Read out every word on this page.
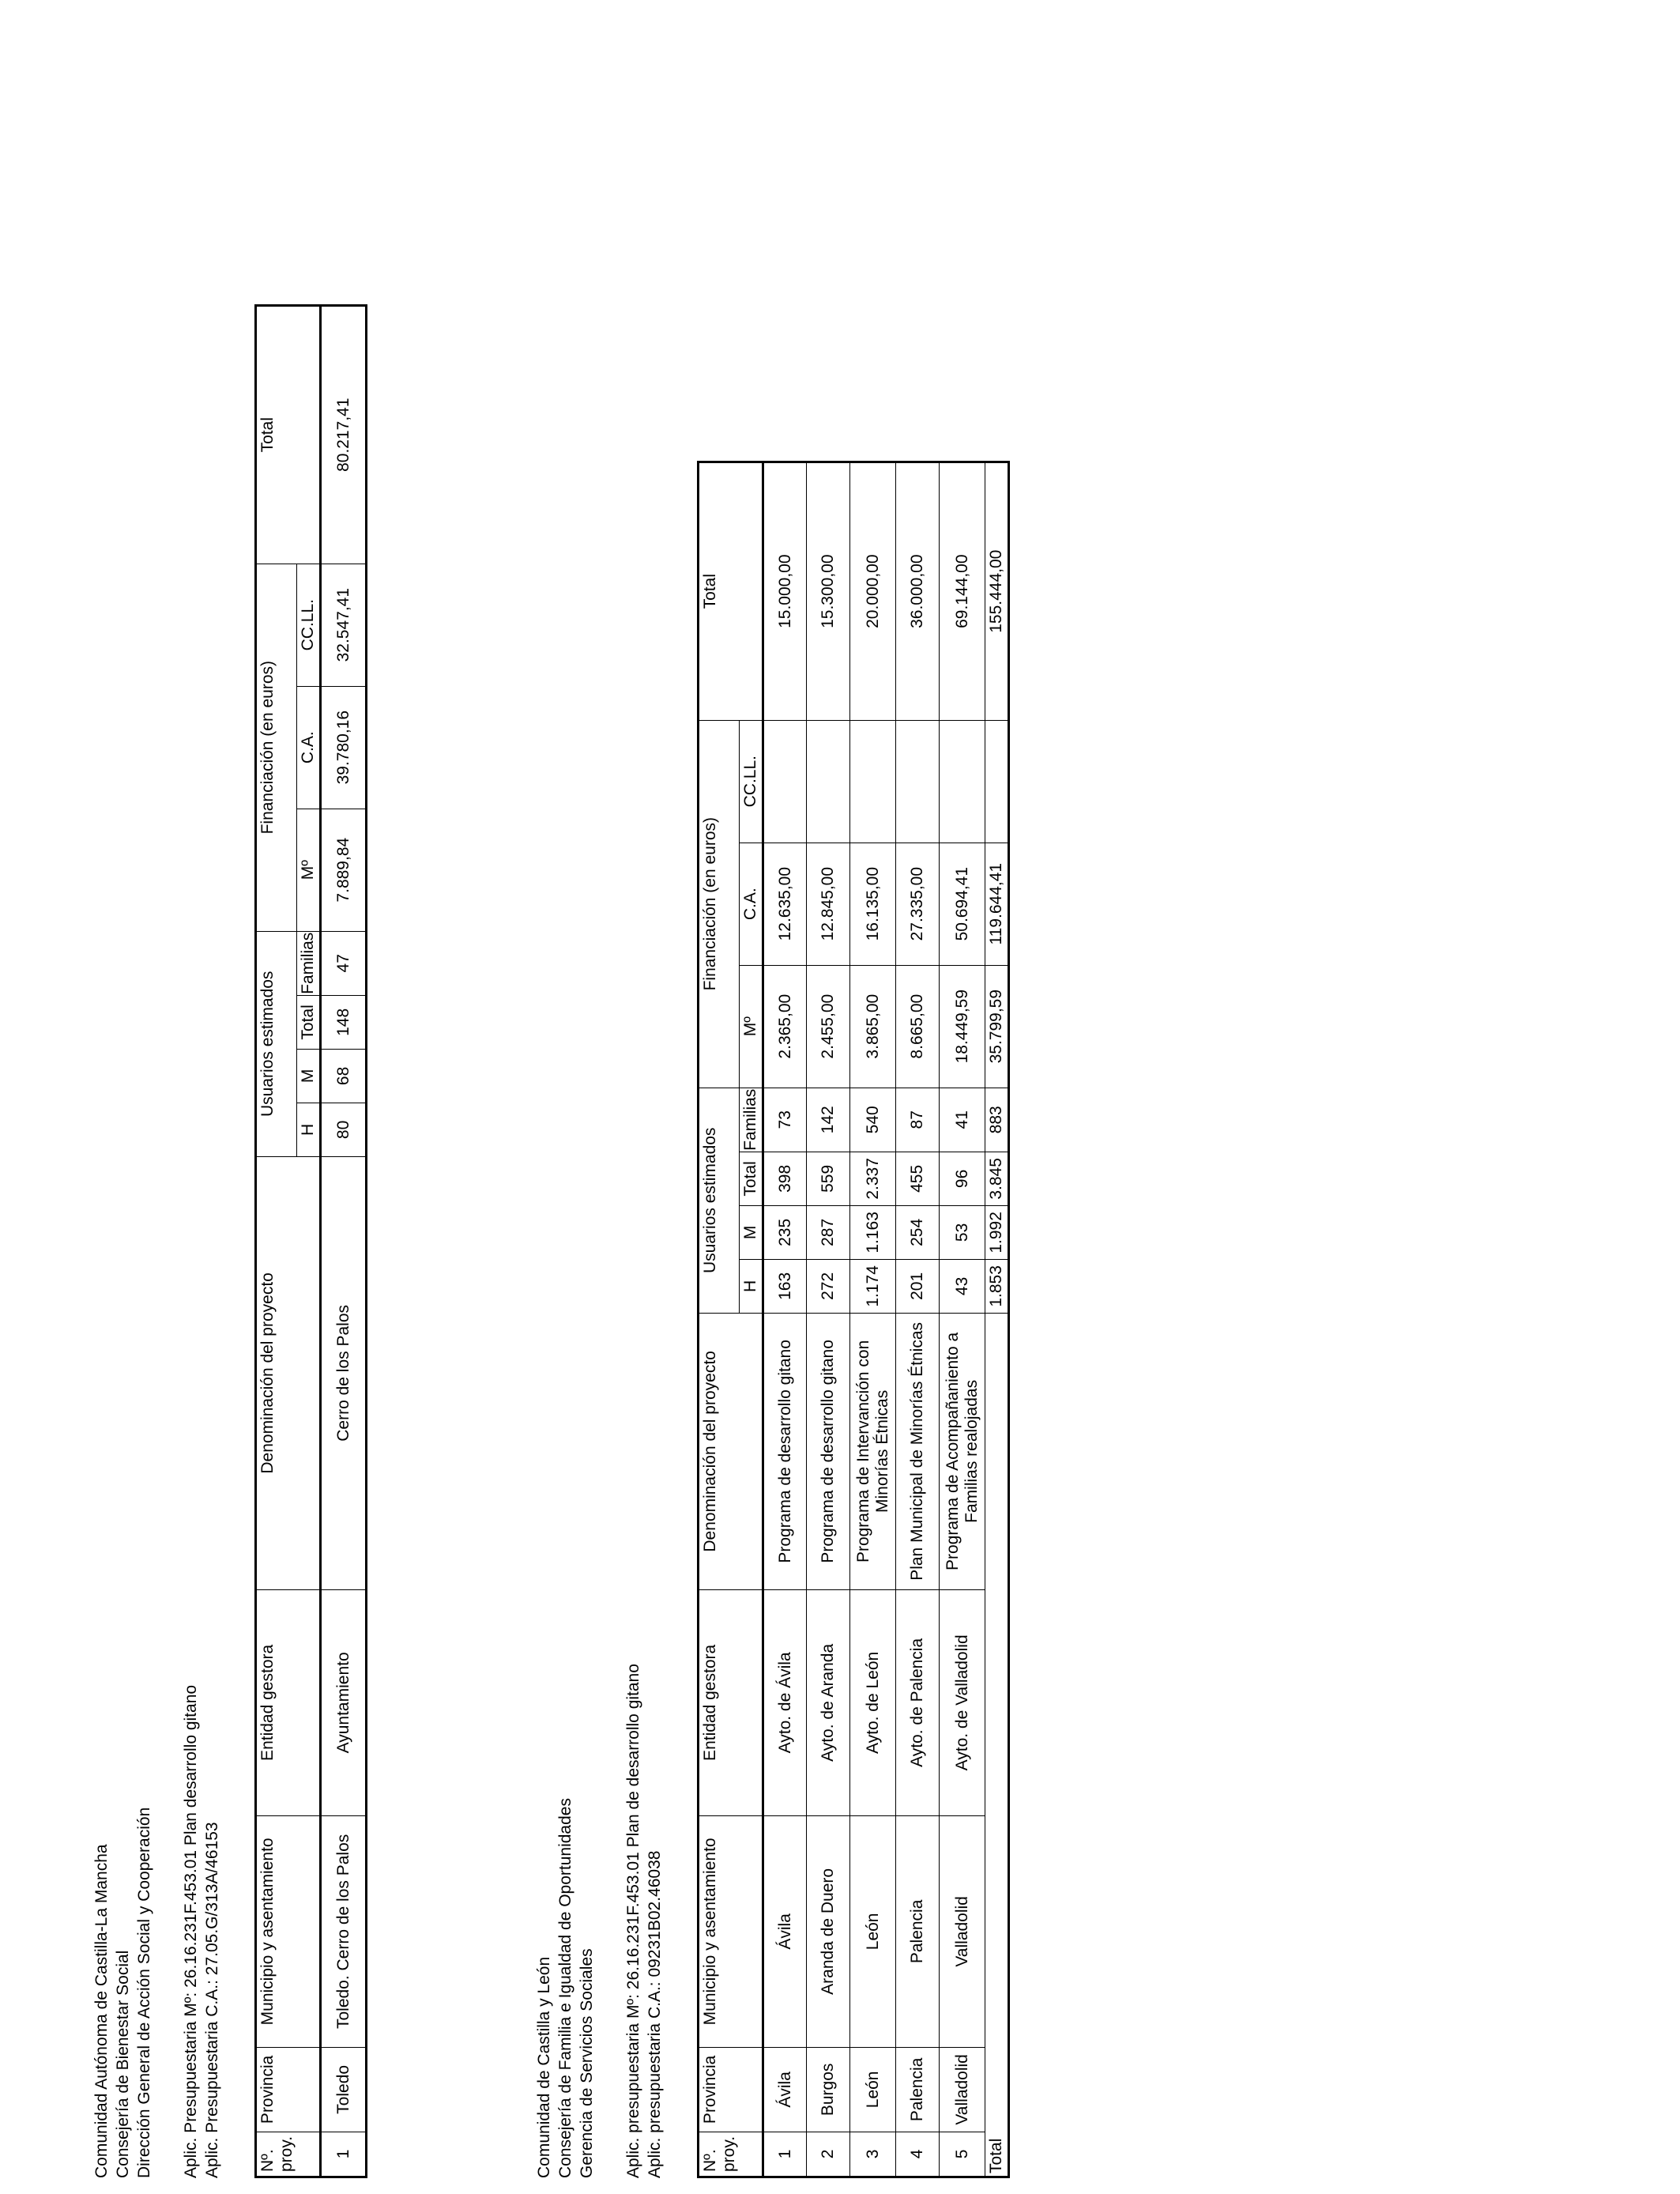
Comunidad Autónoma de Castilla-La Mancha Consejería de Bienestar Social Dirección General de Acción Social y Cooperación Aplic. Presupuestaria Mº: 26.16.231F.453.01 Plan desarrollo gitano Aplic. Presupuestaria C.A.: 27.05.G/313A/46153 Nº. proy.	Provincia	Municipio y asentamiento	Entidad gestora	Denominación del proyecto	Usuarios estimados				Financiación (en euros)			Total
					H	M	Total	Familias	Mº	C.A.	CC.LL.	
1	Toledo	Toledo. Cerro de los Palos	Ayuntamiento	Cerro de los Palos	80	68	148	47	7.889,84	39.780,16	32.547,41	80.217,41
Comunidad de Castilla y León Consejería de Familia e Igualdad de Oportunidades Gerencia de Servicios Sociales Aplic. presupuestaria Mº: 26.16.231F.453.01 Plan de desarrollo gitano Aplic. presupuestaria C.A.: 09231B02.46038 Nº. proy.	Provincia	Municipio y asentamiento	Entidad gestora	Denominación del proyecto	Usuarios estimados				Financiación (en euros)			Total
					H	M	Total	Familias	Mº	C.A.	CC.LL.	
1	Ávila	Ávila	Ayto. de Ávila	Programa de desarrollo gitano	163	235	398	73	2.365,00	12.635,00		15.000,00
2	Burgos	Aranda de Duero	Ayto. de Aranda	Programa de desarrollo gitano	272	287	559	142	2.455,00	12.845,00		15.300,00
3	León	León	Ayto. de León	Programa de Intervanción con Minorías Étnicas	1.174	1.163	2.337	540	3.865,00	16.135,00		20.000,00
4	Palencia	Palencia	Ayto. de Palencia	Plan Municipal de Minorías Étnicas	201	254	455	87	8.665,00	27.335,00		36.000,00
5	Valladolid	Valladolid	Ayto. de Valladolid	Programa de Acompañaniento a Familias realojadas	43	53	96	41	18.449,59	50.694,41		69.144,00
Total					1.853	1.992	3.845	883	35.799,59	119.644,41		155.444,00
